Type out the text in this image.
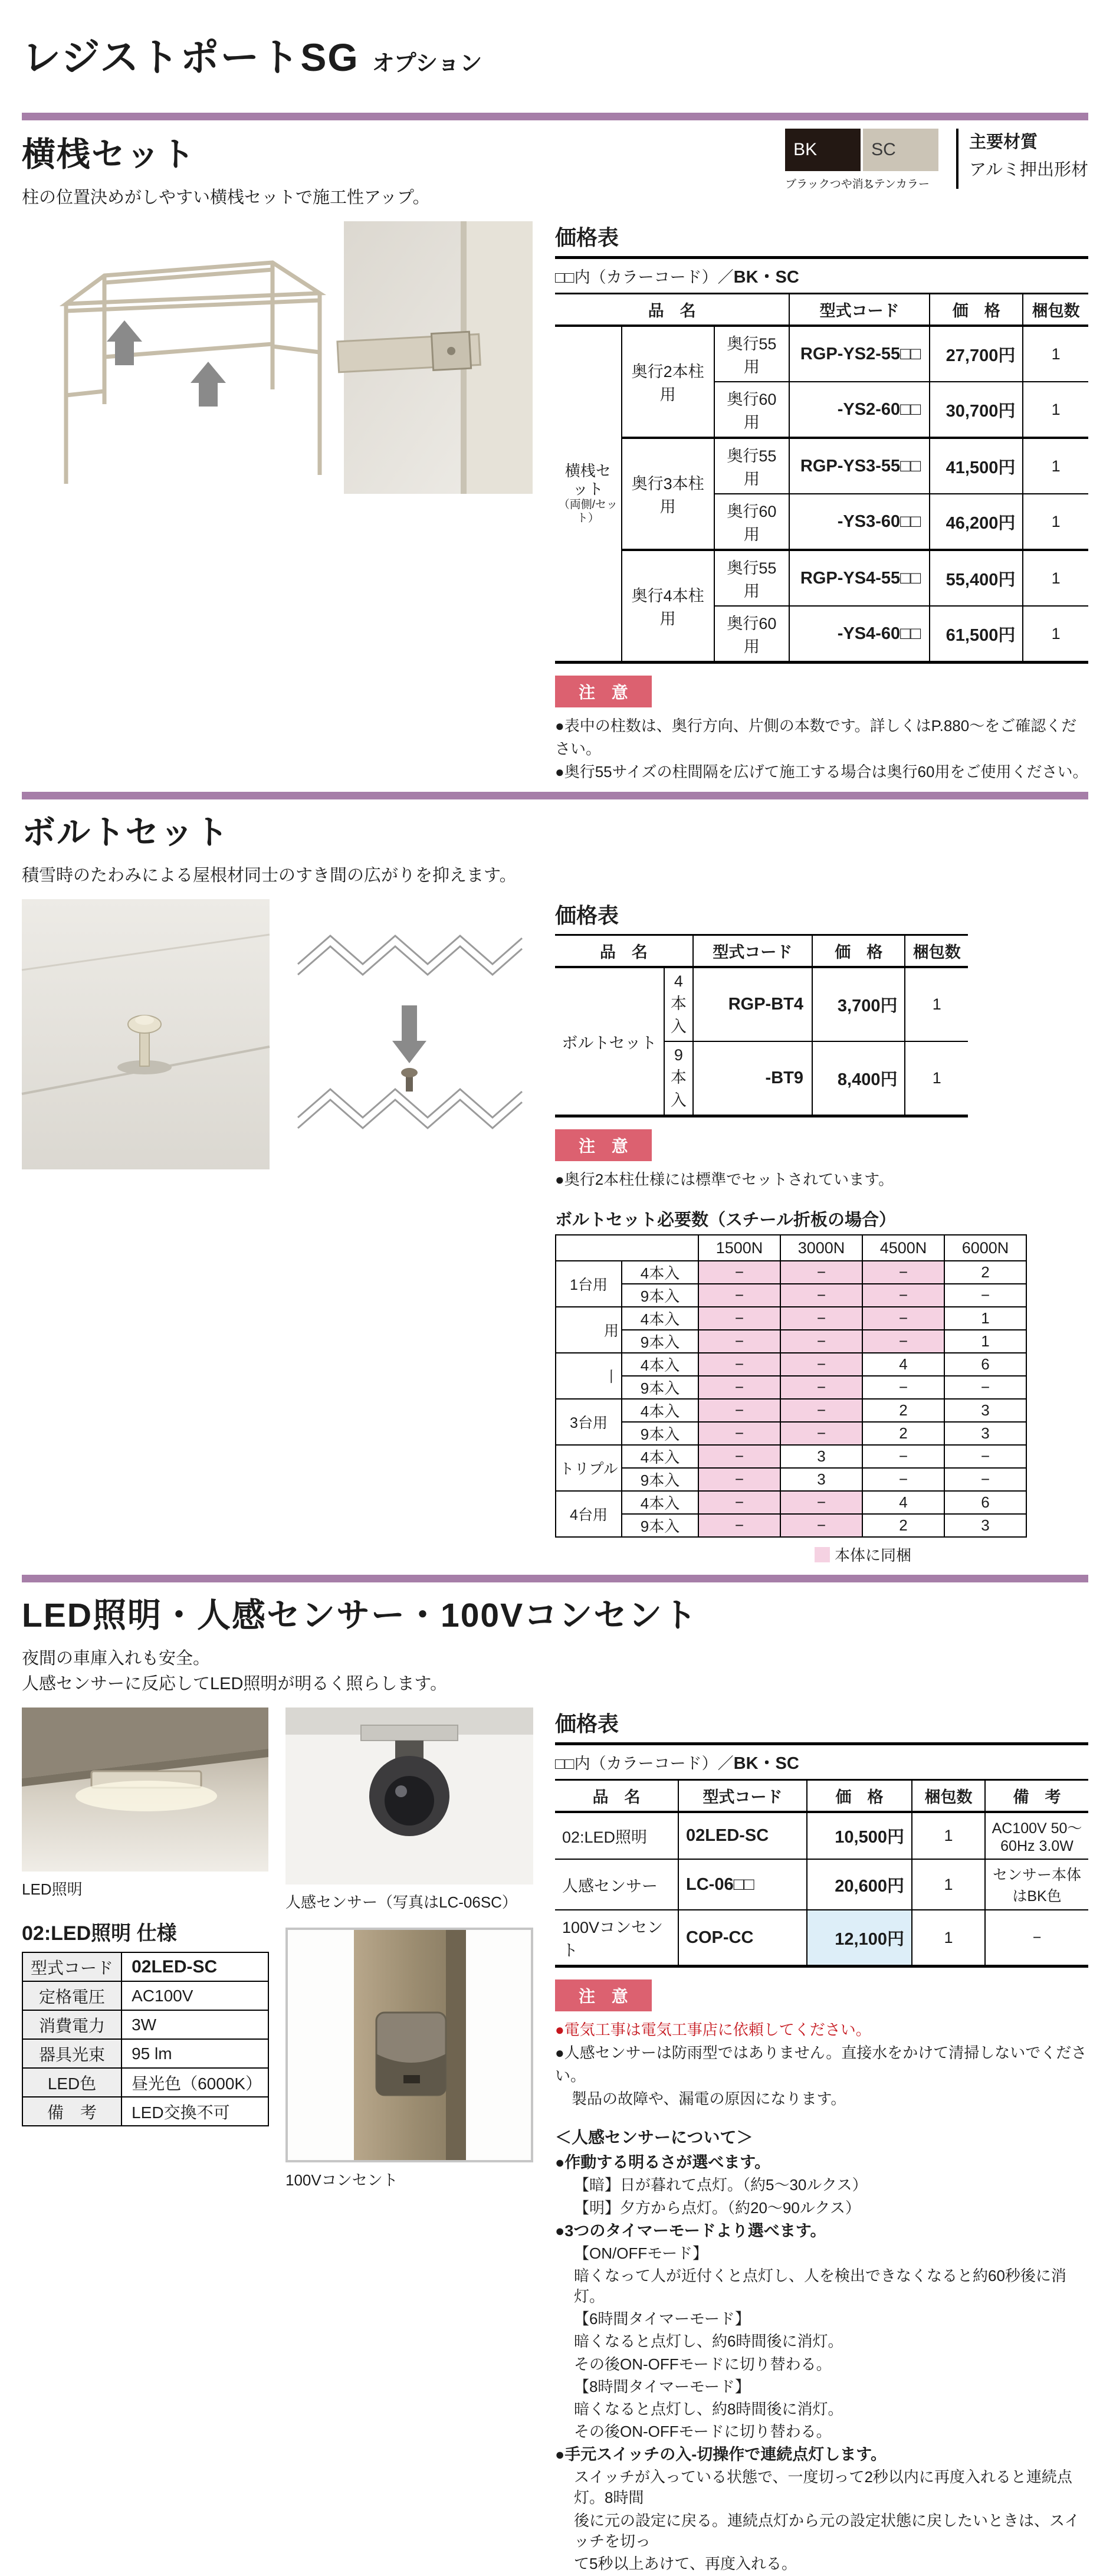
レジストポートSG オプション
横桟セット

柱の位置決めがしやすい横桟セットで施工性アップ。

BK
ブラックつや消し
SC
ステンカラー
主要材質
アルミ押出形材
価格表

□□内（カラーコード）／BK・SC

品　名			型式コード	価　格	梱包数
横桟セット
（両側/セット）	奥行2本柱用	奥行55用	RGP-YS2-55□□	27,700円	1
		奥行60用	-YS2-60□□	30,700円	1
	奥行3本柱用	奥行55用	RGP-YS3-55□□	41,500円	1
		奥行60用	-YS3-60□□	46,200円	1
	奥行4本柱用	奥行55用	RGP-YS4-55□□	55,400円	1
		奥行60用	-YS4-60□□	61,500円	1
注 意

●表中の柱数は、奥行方向、片側の本数です。詳しくはP.880〜をご確認ください。

●奥行55サイズの柱間隔を広げて施工する場合は奥行60用をご使用ください。

ボルトセット

積雪時のたわみによる屋根材同士のすき間の広がりを抑えます。

価格表
品　名		型式コード	価　格	梱包数
ボルトセット	4本入	RGP-BT4	3,700円	1
	9本入	-BT9	8,400円	1
注 意

●奥行2本柱仕様には標準でセットされています。

ボルトセット必要数（スチール折板の場合）
		1500N	3000N	4500N	6000N
1台用	4本入	−	−	−	2
	9本入	−	−	−	−
用	4本入	−	−	−	1
	9本入	−	−	−	1
丨	4本入	−	−	4	6
	9本入	−	−	−	−
3台用	4本入	−	−	2	3
	9本入	−	−	2	3
トリプル	4本入	−	3	−	−
	9本入	−	3	−	−
4台用	4本入	−	−	4	6
	9本入	−	−	2	3
本体に同梱
LED照明・人感センサー・100Vコンセント

夜間の車庫入れも安全。

人感センサーに反応してLED照明が明るく照らします。

LED照明

02:LED照明 仕様
型式コード	02LED-SC
定格電圧	AC100V
消費電力	3W
器具光束	95 lm
LED色	昼光色（6000K）
備　考	LED交換不可

人感センサー（写真はLC-06SC）

100Vコンセント

価格表

□□内（カラーコード）／BK・SC

品　名	型式コード	価　格	梱包数	備　考
02:LED照明	02LED-SC	10,500円	1	AC100V 50〜60Hz 3.0W
人感センサー	LC-06□□	20,600円	1	センサー本体はBK色
100Vコンセント	COP-CC	12,100円	1	−
注 意

●電気工事は電気工事店に依頼してください。

●人感センサーは防雨型ではありません。直接水をかけて清掃しないでください。

製品の故障や、漏電の原因になります。

＜人感センサーについて＞

●作動する明るさが選べます。

【暗】日が暮れて点灯。（約5〜30ルクス）

【明】夕方から点灯。（約20〜90ルクス）

●3つのタイマーモードより選べます。

【ON/OFFモード】

暗くなって人が近付くと点灯し、人を検出できなくなると約60秒後に消灯。

【6時間タイマーモード】

暗くなると点灯し、約6時間後に消灯。

その後ON-OFFモードに切り替わる。

【8時間タイマーモード】

暗くなると点灯し、約8時間後に消灯。

その後ON-OFFモードに切り替わる。

●手元スイッチの入-切操作で連続点灯します。

スイッチが入っている状態で、一度切って2秒以内に再度入れると連続点灯。8時間

後に元の設定に戻る。連続点灯から元の設定状態に戻したいときは、スイッチを切っ

て5秒以上あけて、再度入れる。
